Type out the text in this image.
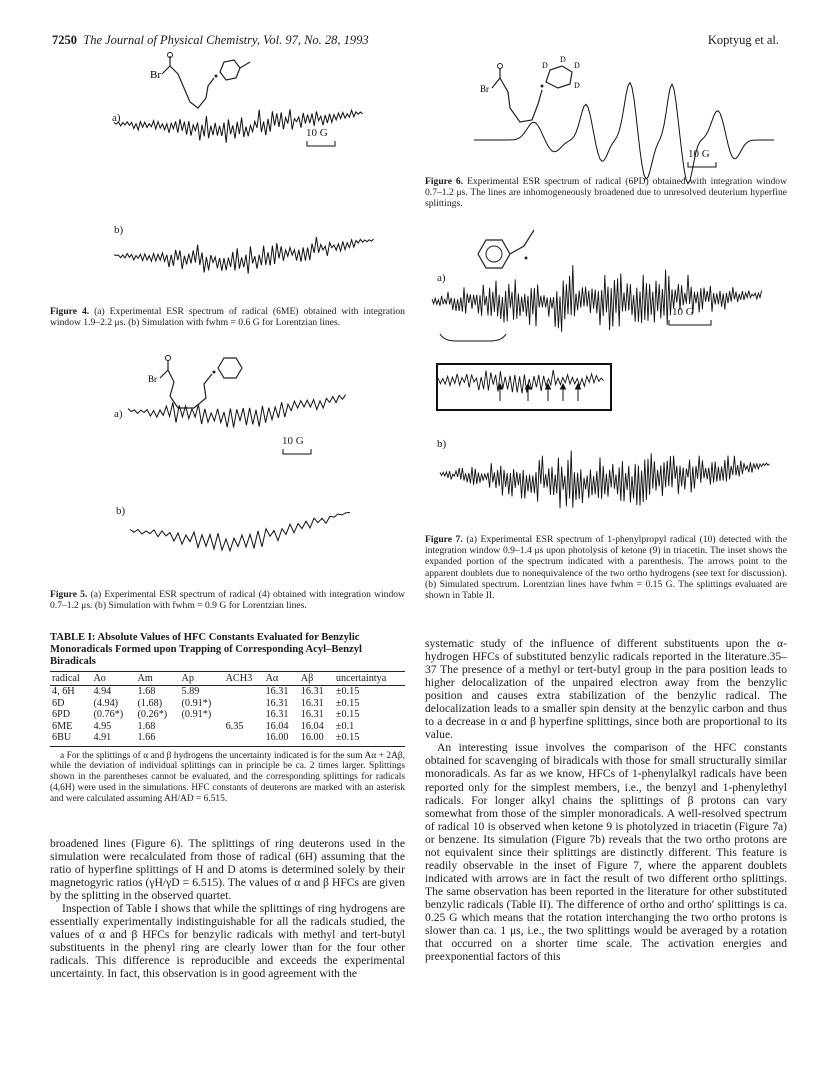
7250 The Journal of Physical Chemistry, Vol. 97, No. 28, 1993	Koptyug et al.
Br
a)
10 G
b)
Figure 4. (a) Experimental ESR spectrum of radical (6ME) obtained with integration window 1.9–2.2 μs. (b) Simulation with fwhm = 0.6 G for Lorentzian lines.
Br
a)
10 G
b)
Figure 5. (a) Experimental ESR spectrum of radical (4) obtained with integration window 0.7–1.2 μs. (b) Simulation with fwhm = 0.9 G for Lorentzian lines.
TABLE I: Absolute Values of HFC Constants Evaluated for Benzylic Monoradicals Formed upon Trapping of Corresponding Acyl–Benzyl Biradicals
radical	Ao	Am	Ap	ACH3	Aα	Aβ	uncertaintya
4, 6H	4.94	1.68	5.89		16.31	16.31	±0.15
6D	(4.94)	(1.68)	(0.91*)		16.31	16.31	±0.15
6PD	(0.76*)	(0.26*)	(0.91*)		16.31	16.31	±0.15
6ME	4.95	1.68		6.35	16.04	16.04	±0.1
6BU	4.91	1.66			16.00	16.00	±0.15

a For the splittings of α and β hydrogens the uncertainty indicated is for the sum Aα + 2Aβ, while the deviation of individual splittings can in principle be ca. 2 times larger. Splittings shown in the parentheses cannot be evaluated, and the corresponding splittings for radicals (4,6H) were used in the simulations. HFC constants of deuterons are marked with an asterisk and were calculated assuming AH/AD = 6.515.

broadened lines (Figure 6). The splittings of ring deuterons used in the simulation were recalculated from those of radical (6H) assuming that the ratio of hyperfine splittings of H and D atoms is determined solely by their magnetogyric ratios (γH/γD = 6.515). The values of α and β HFCs are given by the splitting in the observed quartet.

Inspection of Table I shows that while the splittings of ring hydrogens are essentially experimentally indistinguishable for all the radicals studied, the values of α and β HFCs for benzylic radicals with methyl and tert-butyl substituents in the phenyl ring are clearly lower than for the four other radicals. This difference is reproducible and exceeds the experimental uncertainty. In fact, this observation is in good agreement with the

Br
D
D
D
D
10 G
Figure 6. Experimental ESR spectrum of radical (6PD) obtained with integration window 0.7–1.2 μs. The lines are inhomogeneously broadened due to unresolved deuterium hyperfine splittings.
a)
10 G
b)
Figure 7. (a) Experimental ESR spectrum of 1-phenylpropyl radical (10) detected with the integration window 0.9–1.4 μs upon photolysis of ketone (9) in triacetin. The inset shows the expanded portion of the spectrum indicated with a parenthesis. The arrows point to the apparent doublets due to nonequivalence of the two ortho hydrogens (see text for discussion). (b) Simulated spectrum. Lorentzian lines have fwhm = 0.15 G. The splittings evaluated are shown in Table II.

systematic study of the influence of different substituents upon the α-hydrogen HFCs of substituted benzylic radicals reported in the literature.35–37 The presence of a methyl or tert-butyl group in the para position leads to higher delocalization of the unpaired electron away from the benzylic position and causes extra stabilization of the benzylic radical. The delocalization leads to a smaller spin density at the benzylic carbon and thus to a decrease in α and β hyperfine splittings, since both are proportional to its value.

An interesting issue involves the comparison of the HFC constants obtained for scavenging of biradicals with those for small structurally similar monoradicals. As far as we know, HFCs of 1-phenylalkyl radicals have been reported only for the simplest members, i.e., the benzyl and 1-phenylethyl radicals. For longer alkyl chains the splittings of β protons can vary somewhat from those of the simpler monoradicals. A well-resolved spectrum of radical 10 is observed when ketone 9 is photolyzed in triacetin (Figure 7a) or benzene. Its simulation (Figure 7b) reveals that the two ortho protons are not equivalent since their splittings are distinctly different. This feature is readily observable in the inset of Figure 7, where the apparent doublets indicated with arrows are in fact the result of two different ortho splittings. The same observation has been reported in the literature for other substituted benzylic radicals (Table II). The difference of ortho and ortho′ splittings is ca. 0.25 G which means that the rotation interchanging the two ortho protons is slower than ca. 1 μs, i.e., the two splittings would be averaged by a rotation that occurred on a shorter time scale. The activation energies and preexponential factors of this
